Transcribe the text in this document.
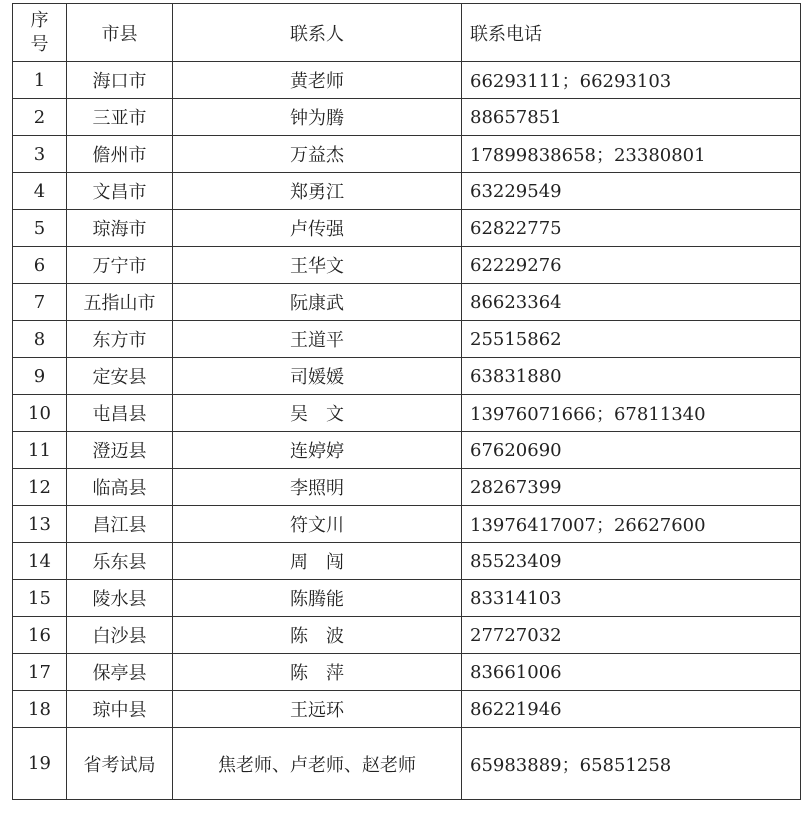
序
号	市县	联系人	联系电话
1	海口市	黄老师	66293111；66293103
2	三亚市	钟为腾	88657851
3	儋州市	万益杰	17899838658；23380801
4	文昌市	郑勇江	63229549
5	琼海市	卢传强	62822775
6	万宁市	王华文	62229276
7	五指山市	阮康武	86623364
8	东方市	王道平	25515862
9	定安县	司媛媛	63831880
10	屯昌县	吴　文	13976071666；67811340
11	澄迈县	连婷婷	67620690
12	临高县	李照明	28267399
13	昌江县	符文川	13976417007；26627600
14	乐东县	周　闯	85523409
15	陵水县	陈腾能	83314103
16	白沙县	陈　波	27727032
17	保亭县	陈　萍	83661006
18	琼中县	王远环	86221946
19	省考试局	焦老师、卢老师、赵老师	65983889；65851258
